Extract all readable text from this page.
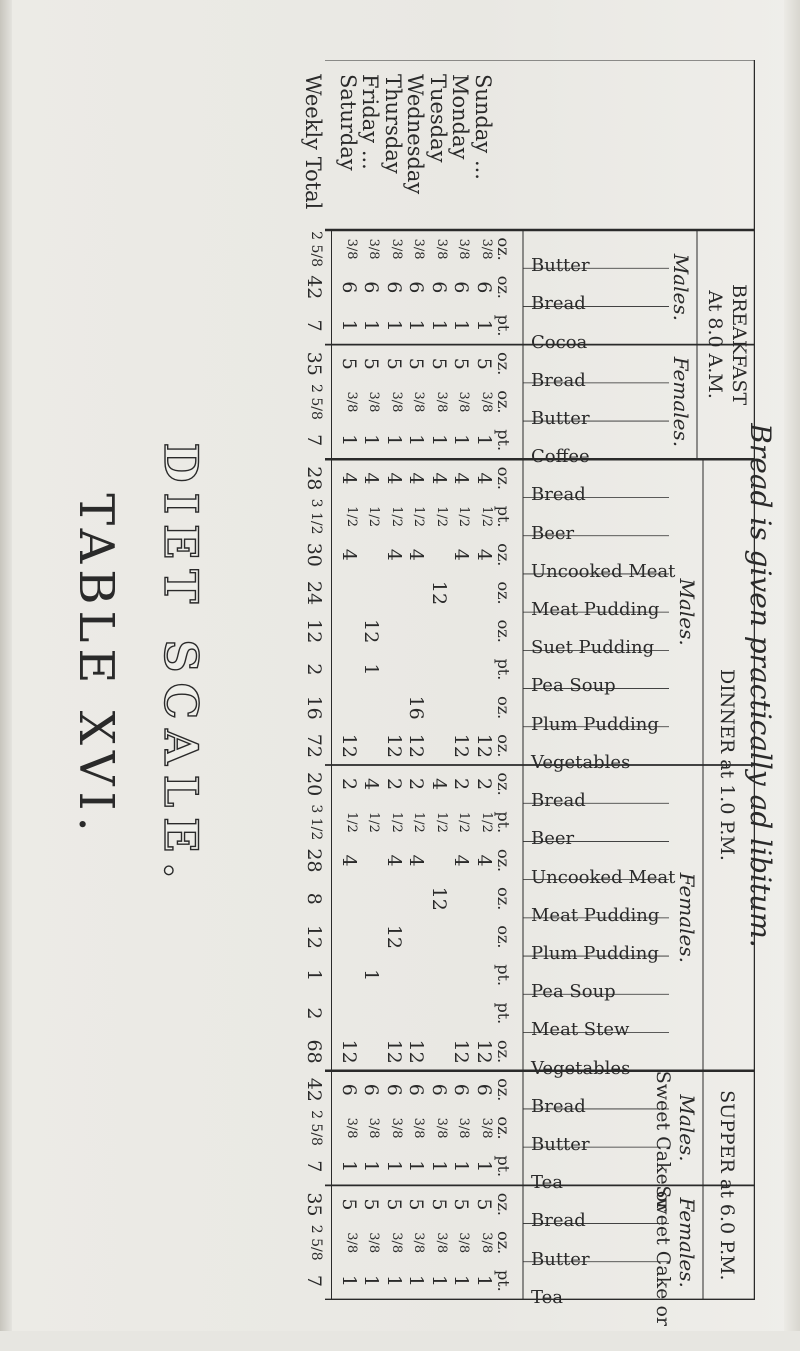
TABLE XVI. DIET SCALE.
BREAKFAST
At 8.0 A.M.
DINNER at 1.0 P.M.
SUPPER at 6.0 P.M.
Males.
Females.
Males.
Females.
Males.
Females.
Sweet Cake or
Sweet Cake or
Butter
oz.
Bread
oz.
Cocoa
pt.
Bread
oz.
Butter
oz.
Coffee
pt.
Bread
oz.
Beer
pt.
Uncooked Meat
oz.
Meat Pudding
oz.
Suet Pudding
oz.
Pea Soup
pt.
Plum Pudding
oz.
Vegetables
oz.
Bread
oz.
Beer
pt.
Uncooked Meat
oz.
Meat Pudding
oz.
Plum Pudding
oz.
Pea Soup
pt.
Meat Stew
pt.
Vegetables
oz.
Bread
oz.
Butter
oz.
Tea
pt.
Bread
oz.
Butter
oz.
Tea
pt.
Sunday ...
3/8
6
1
5
3/8
1
4
1/2
4
12
2
1/2
4
12
6
3/8
1
5
3/8
1
Monday
3/8
6
1
5
3/8
1
4
1/2
4
12
2
1/2
4
12
6
3/8
1
5
3/8
1
Tuesday
3/8
6
1
5
3/8
1
4
1/2
12
4
1/2
12
6
3/8
1
5
3/8
1
Wednesday
3/8
6
1
5
3/8
1
4
1/2
4
16
12
2
1/2
4
12
6
3/8
1
5
3/8
1
Thursday
3/8
6
1
5
3/8
1
4
1/2
4
12
2
1/2
4
12
12
6
3/8
1
5
3/8
1
Friday ...
3/8
6
1
5
3/8
1
4
1/2
12
1
4
1/2
1
6
3/8
1
5
3/8
1
Saturday
3/8
6
1
5
3/8
1
4
1/2
4
12
2
1/2
4
12
6
3/8
1
5
3/8
1
Weekly Total
2 5/8
42
7
35
2 5/8
7
28
3 1/2
30
24
12
2
16
72
20
3 1/2
28
8
12
1
2
68
42
2 5/8
7
35
2 5/8
7
Bread is given practically ad libitum.
